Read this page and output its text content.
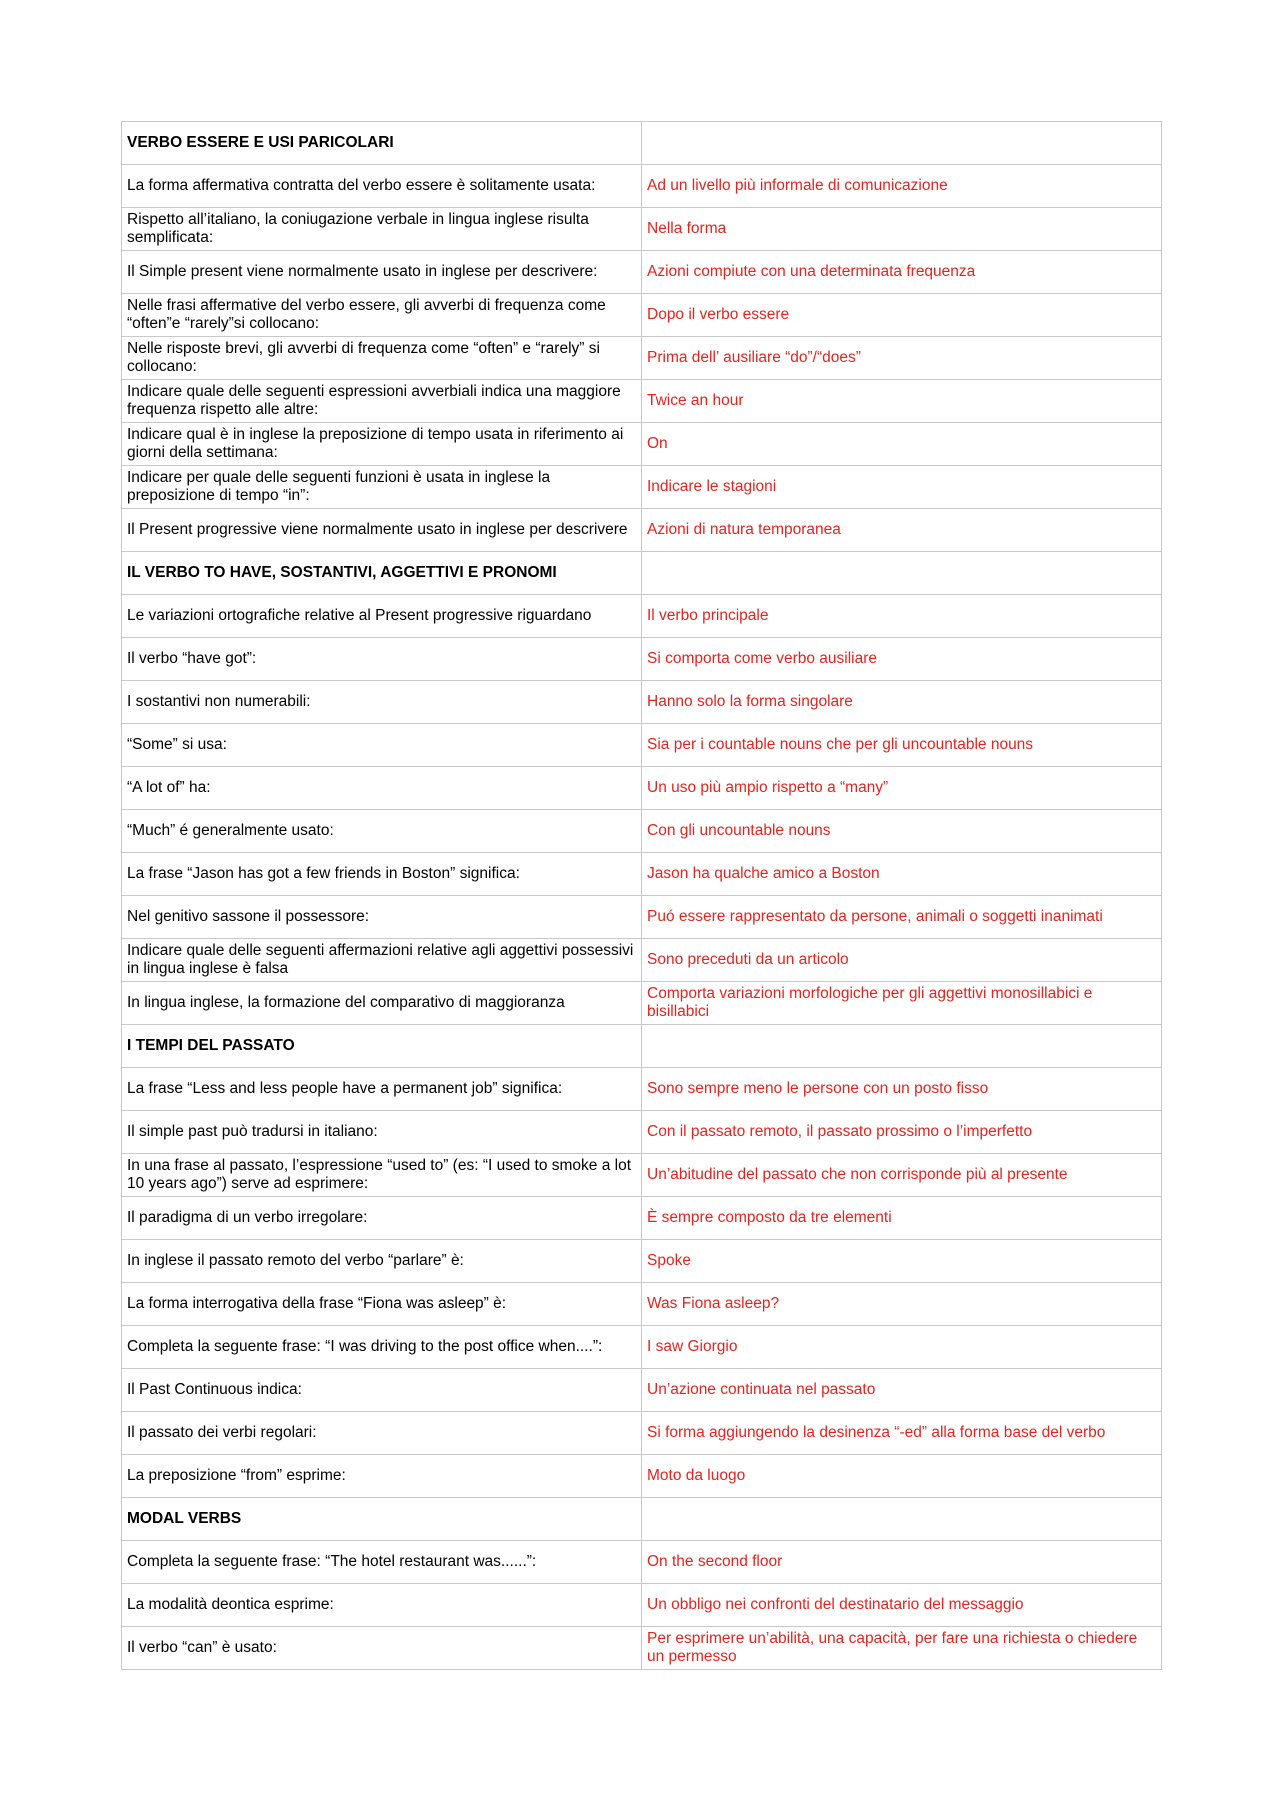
VERBO ESSERE E USI PARICOLARI	
La forma affermativa contratta del verbo essere è solitamente usata:	Ad un livello più informale di comunicazione
Rispetto all’italiano, la coniugazione verbale in lingua inglese risulta semplificata:	Nella forma
Il Simple present viene normalmente usato in inglese per descrivere:	Azioni compiute con una determinata frequenza
Nelle frasi affermative del verbo essere, gli avverbi di frequenza come “often”e “rarely”si collocano:	Dopo il verbo essere
Nelle risposte brevi, gli avverbi di frequenza come “often” e “rarely” si collocano:	Prima dell’ ausiliare “do”/“does”
Indicare quale delle seguenti espressioni avverbiali indica una maggiore frequenza rispetto alle altre:	Twice an hour
Indicare qual è in inglese la preposizione di tempo usata in riferimento ai giorni della settimana:	On
Indicare per quale delle seguenti funzioni è usata in inglese la preposizione di tempo “in”:	Indicare le stagioni
Il Present progressive viene normalmente usato in inglese per descrivere	Azioni di natura temporanea
IL VERBO TO HAVE, SOSTANTIVI, AGGETTIVI E PRONOMI	
Le variazioni ortografiche relative al Present progressive riguardano	Il verbo principale
Il verbo “have got”:	Si comporta come verbo ausiliare
I sostantivi non numerabili:	Hanno solo la forma singolare
“Some” si usa:	Sia per i countable nouns che per gli uncountable nouns
“A lot of” ha:	Un uso più ampio rispetto a “many”
“Much” é generalmente usato:	Con gli uncountable nouns
La frase “Jason has got a few friends in Boston” significa:	Jason ha qualche amico a Boston
Nel genitivo sassone il possessore:	Puó essere rappresentato da persone, animali o soggetti inanimati
Indicare quale delle seguenti affermazioni relative agli aggettivi possessivi in lingua inglese è falsa	Sono preceduti da un articolo
In lingua inglese, la formazione del comparativo di maggioranza	Comporta variazioni morfologiche per gli aggettivi monosillabici e bisillabici
I TEMPI DEL PASSATO	
La frase “Less and less people have a permanent job” significa:	Sono sempre meno le persone con un posto fisso
Il simple past può tradursi in italiano:	Con il passato remoto, il passato prossimo o l’imperfetto
In una frase al passato, l’espressione “used to” (es: “I used to smoke a lot 10 years ago”) serve ad esprimere:	Un’abitudine del passato che non corrisponde più al presente
Il paradigma di un verbo irregolare:	È sempre composto da tre elementi
In inglese il passato remoto del verbo “parlare” è:	Spoke
La forma interrogativa della frase “Fiona was asleep” è:	Was Fiona asleep?
Completa la seguente frase: “I was driving to the post office when....”:	I saw Giorgio
Il Past Continuous indica:	Un’azione continuata nel passato
Il passato dei verbi regolari:	Si forma aggiungendo la desinenza “-ed” alla forma base del verbo
La preposizione “from” esprime:	Moto da luogo
MODAL VERBS	
Completa la seguente frase: “The hotel restaurant was......”:	On the second floor
La modalità deontica esprime:	Un obbligo nei confronti del destinatario del messaggio
Il verbo “can” è usato:	Per esprimere un’abilità, una capacità, per fare una richiesta o chiedere un permesso
